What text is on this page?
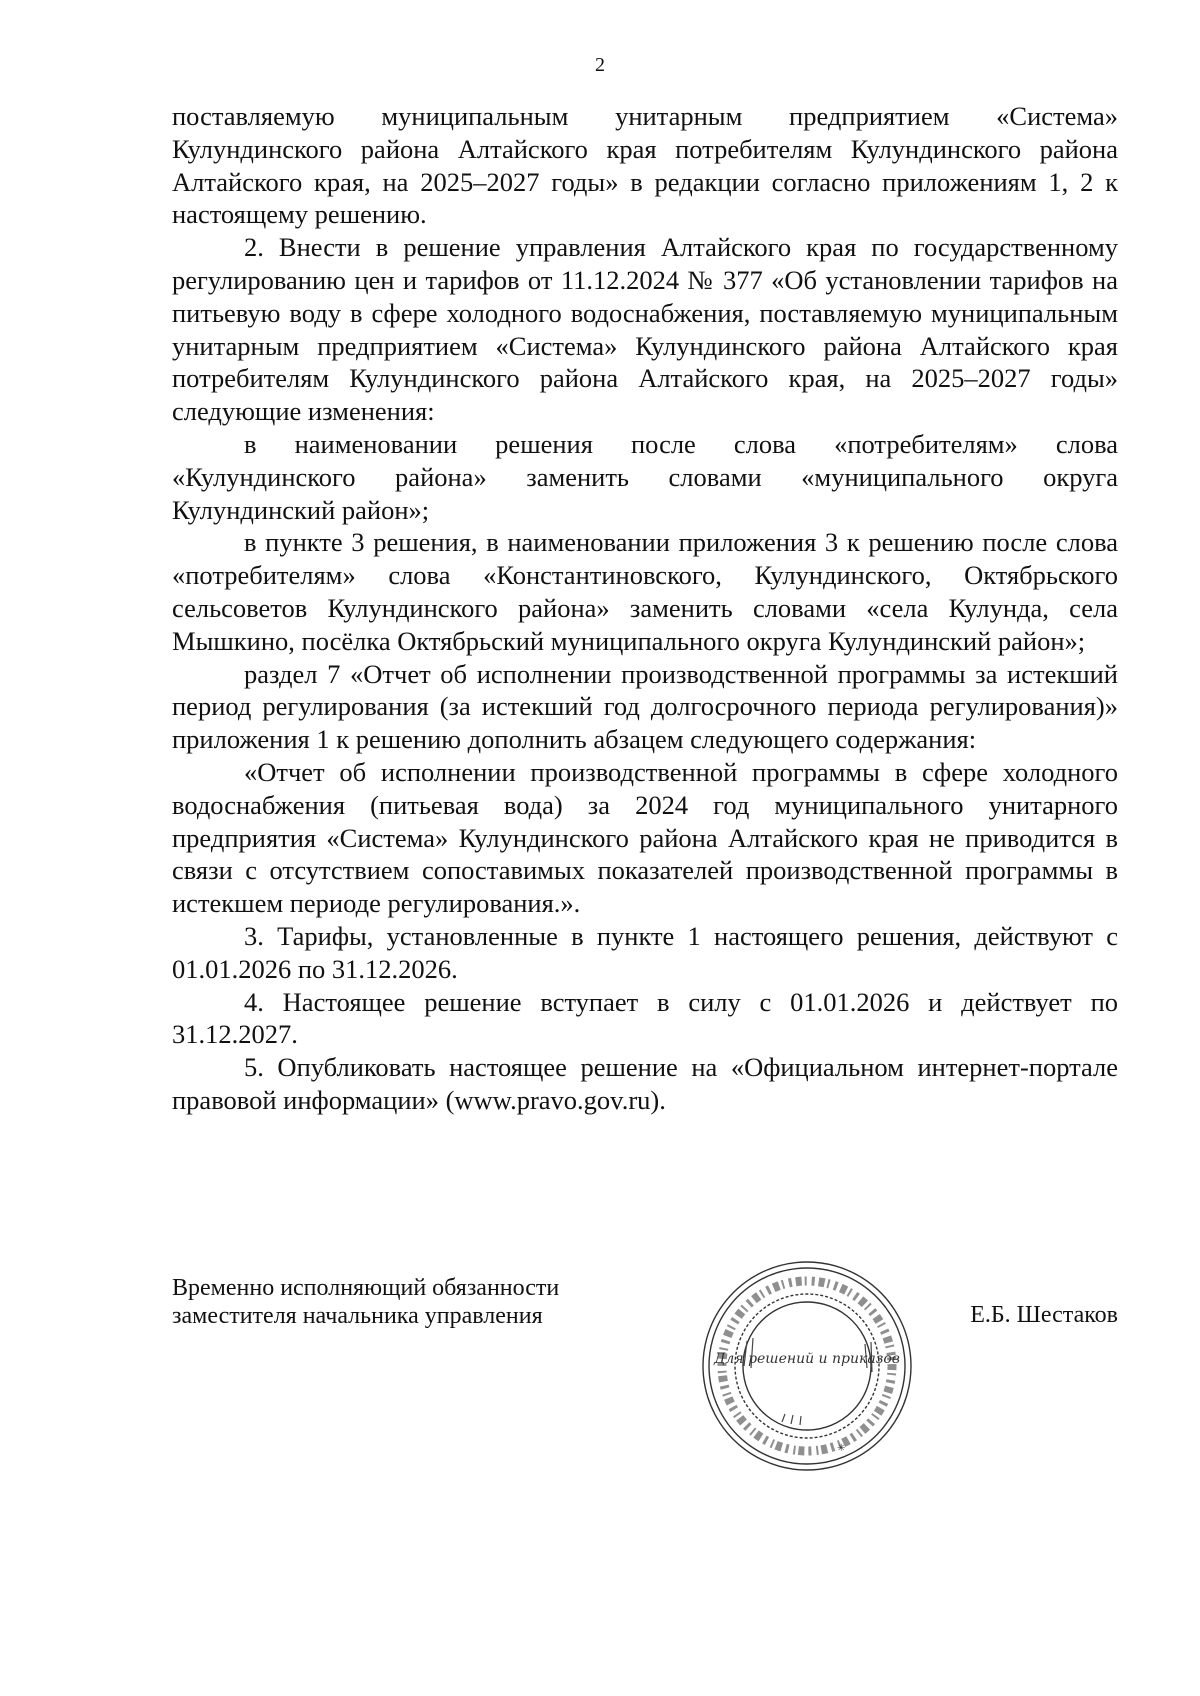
2

поставляемую муниципальным унитарным предприятием «Система» Кулундинского района Алтайского края потребителям Кулундинского района Алтайского края, на 2025–2027 годы» в редакции согласно приложениям 1, 2 к настоящему решению.

2. Внести в решение управления Алтайского края по государственному регулированию цен и тарифов от 11.12.2024 № 377 «Об установлении тарифов на питьевую воду в сфере холодного водоснабжения, поставляемую муниципальным унитарным предприятием «Система» Кулундинского района Алтайского края потребителям Кулундинского района Алтайского края, на 2025–2027 годы» следующие изменения:

в наименовании решения после слова «потребителям» слова «Кулундинского района» заменить словами «муниципального округа Кулундинский район»;

в пункте 3 решения, в наименовании приложения 3 к решению после слова «потребителям» слова «Константиновского, Кулундинского, Октябрьского сельсоветов Кулундинского района» заменить словами «села Кулунда, села Мышкино, посёлка Октябрьский муниципального округа Кулундинский район»;

раздел 7 «Отчет об исполнении производственной программы за истекший период регулирования (за истекший год долгосрочного периода регулирования)» приложения 1 к решению дополнить абзацем следующего содержания:

«Отчет об исполнении производственной программы в сфере холодного водоснабжения (питьевая вода) за 2024 год муниципального унитарного предприятия «Система» Кулундинского района Алтайского края не приводится в связи с отсутствием сопоставимых показателей производственной программы в истекшем периоде регулирования.».

3. Тарифы, установленные в пункте 1 настоящего решения, действуют с 01.01.2026 по 31.12.2026.

4. Настоящее решение вступает в силу с 01.01.2026 и действует по 31.12.2027.

5. Опубликовать настоящее решение на «Официальном интернет-портале правовой информации» (www.pravo.gov.ru).

Временно исполняющий обязанности
заместителя начальника управления
Для решений и приказов
✳
Е.Б. Шестаков
